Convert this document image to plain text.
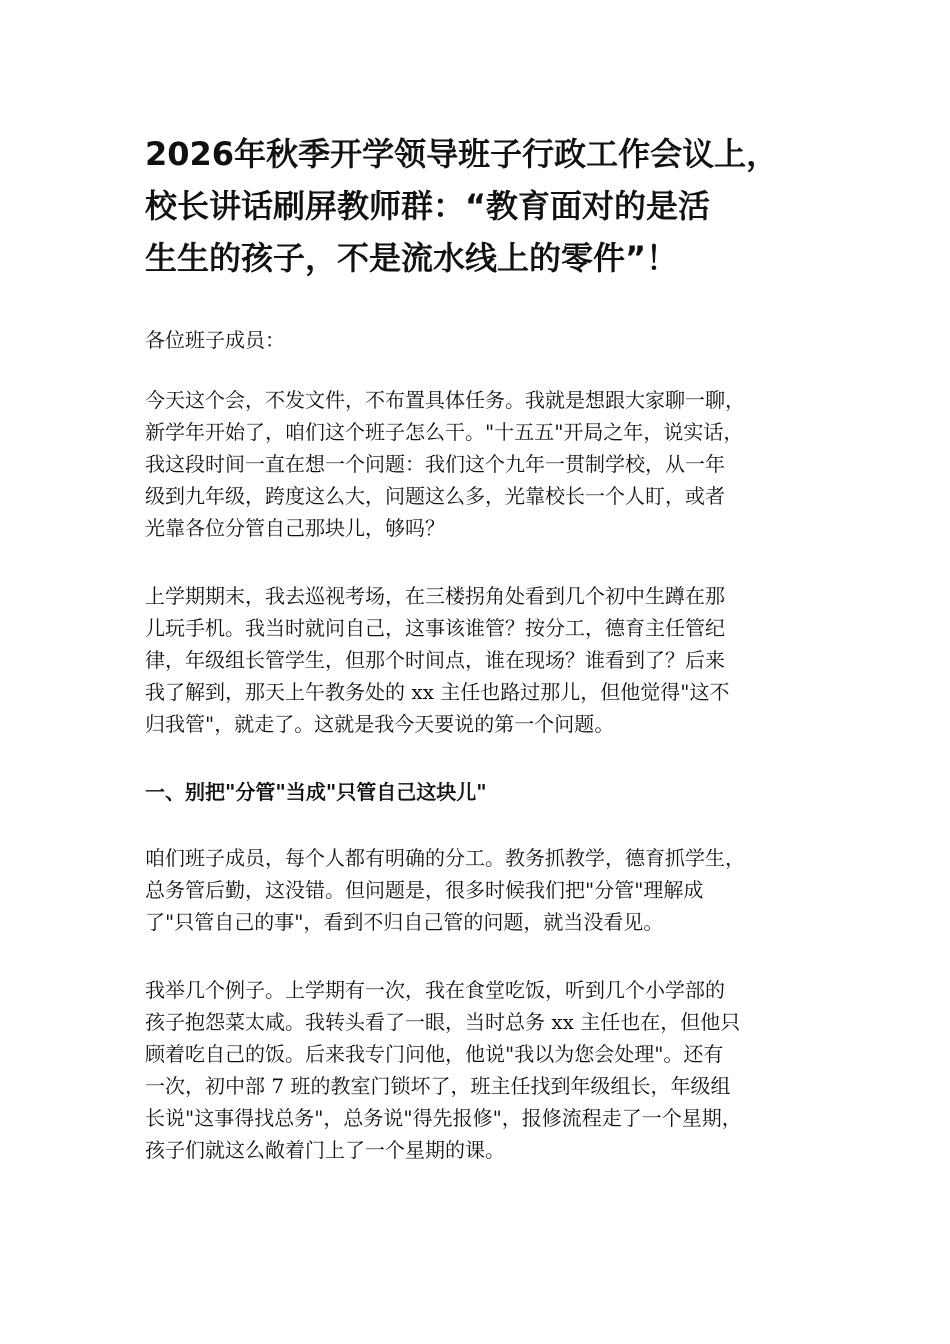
2026年秋季开学领导班子行政工作会议上，
校长讲话刷屏教师群：“教育面对的是活
生生的孩子，不是流水线上的零件”！

各位班子成员：

今天这个会，不发文件，不布置具体任务。我就是想跟大家聊一聊，
新学年开始了，咱们这个班子怎么干。"十五五"开局之年，说实话，
我这段时间一直在想一个问题：我们这个九年一贯制学校，从一年
级到九年级，跨度这么大，问题这么多，光靠校长一个人盯，或者
光靠各位分管自己那块儿，够吗？

上学期期末，我去巡视考场，在三楼拐角处看到几个初中生蹲在那
儿玩手机。我当时就问自己，这事该谁管？按分工，德育主任管纪
律，年级组长管学生，但那个时间点，谁在现场？谁看到了？后来
我了解到，那天上午教务处的 xx 主任也路过那儿，但他觉得"这不
归我管"，就走了。这就是我今天要说的第一个问题。

一、别把"分管"当成"只管自己这块儿"

咱们班子成员，每个人都有明确的分工。教务抓教学，德育抓学生，
总务管后勤，这没错。但问题是，很多时候我们把"分管"理解成
了"只管自己的事"，看到不归自己管的问题，就当没看见。

我举几个例子。上学期有一次，我在食堂吃饭，听到几个小学部的
孩子抱怨菜太咸。我转头看了一眼，当时总务 xx 主任也在，但他只
顾着吃自己的饭。后来我专门问他，他说"我以为您会处理"。还有
一次，初中部 7 班的教室门锁坏了，班主任找到年级组长，年级组
长说"这事得找总务"，总务说"得先报修"，报修流程走了一个星期，
孩子们就这么敞着门上了一个星期的课。
